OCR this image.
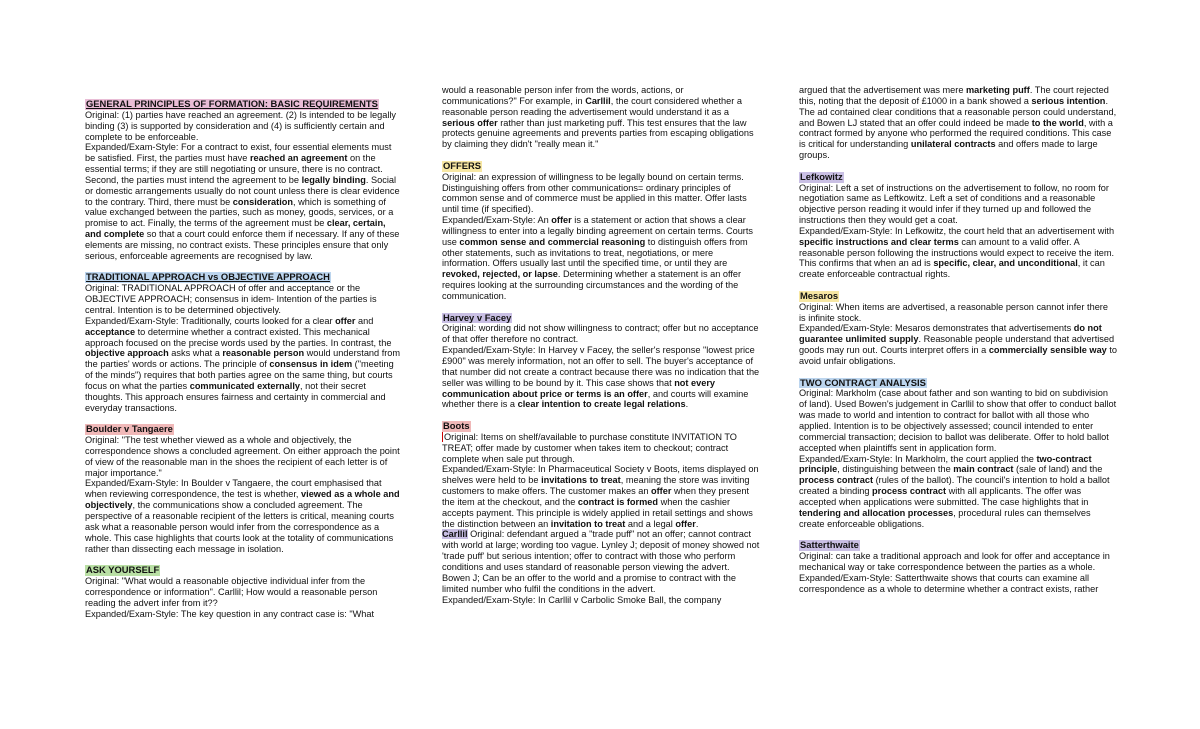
GENERAL PRINCIPLES OF FORMATION: BASIC REQUIREMENTS
Original: (1) parties have reached an agreement. (2) Is intended to be legally binding (3) is supported by consideration and (4) is sufficiently certain and complete to be enforceable.
Expanded/Exam-Style: For a contract to exist, four essential elements must be satisfied. First, the parties must have reached an agreement on the essential terms; if they are still negotiating or unsure, there is no contract. Second, the parties must intend the agreement to be legally binding. Social or domestic arrangements usually do not count unless there is clear evidence to the contrary. Third, there must be consideration, which is something of value exchanged between the parties, such as money, goods, services, or a promise to act. Finally, the terms of the agreement must be clear, certain, and complete so that a court could enforce them if necessary. If any of these elements are missing, no contract exists. These principles ensure that only serious, enforceable agreements are recognised by law.
TRADITIONAL APPROACH vs OBJECTIVE APPROACH
Original: TRADITIONAL APPROACH of offer and acceptance or the OBJECTIVE APPROACH; consensus in idem- Intention of the parties is central. Intention is to be determined objectively.
Expanded/Exam-Style: Traditionally, courts looked for a clear offer and acceptance to determine whether a contract existed. This mechanical approach focused on the precise words used by the parties. In contrast, the objective approach asks what a reasonable person would understand from the parties' words or actions. The principle of consensus in idem ("meeting of the minds") requires that both parties agree on the same thing, but courts focus on what the parties communicated externally, not their secret thoughts. This approach ensures fairness and certainty in commercial and everyday transactions.
Boulder v Tangaere
Original: "The test whether viewed as a whole and objectively, the correspondence shows a concluded agreement. On either approach the point of view of the reasonable man in the shoes the recipient of each letter is of major importance."
Expanded/Exam-Style: In Boulder v Tangaere, the court emphasised that when reviewing correspondence, the test is whether, viewed as a whole and objectively, the communications show a concluded agreement. The perspective of a reasonable recipient of the letters is critical, meaning courts ask what a reasonable person would infer from the correspondence as a whole. This case highlights that courts look at the totality of communications rather than dissecting each message in isolation.
ASK YOURSELF
Original: "What would a reasonable objective individual infer from the correspondence or information". Carllil; How would a reasonable person reading the advert infer from it??
Expanded/Exam-Style: The key question in any contract case is: "What
would a reasonable person infer from the words, actions, or communications?" For example, in Carllil, the court considered whether a reasonable person reading the advertisement would understand it as a serious offer rather than just marketing puff. This test ensures that the law protects genuine agreements and prevents parties from escaping obligations by claiming they didn't "really mean it."
OFFERS
Original: an expression of willingness to be legally bound on certain terms. Distinguishing offers from other communications= ordinary principles of common sense and of commerce must be applied in this matter. Offer lasts until time (if specified).
Expanded/Exam-Style: An offer is a statement or action that shows a clear willingness to enter into a legally binding agreement on certain terms. Courts use common sense and commercial reasoning to distinguish offers from other statements, such as invitations to treat, negotiations, or mere information. Offers usually last until the specified time, or until they are revoked, rejected, or lapse. Determining whether a statement is an offer requires looking at the surrounding circumstances and the wording of the communication.
Harvey v Facey
Original: wording did not show willingness to contract; offer but no acceptance of that offer therefore no contract.
Expanded/Exam-Style: In Harvey v Facey, the seller's response "lowest price £900" was merely information, not an offer to sell. The buyer's acceptance of that number did not create a contract because there was no indication that the seller was willing to be bound by it. This case shows that not every communication about price or terms is an offer, and courts will examine whether there is a clear intention to create legal relations.
Boots
Original: Items on shelf/available to purchase constitute INVITATION TO TREAT; offer made by customer when takes item to checkout; contract complete when sale put through.
Expanded/Exam-Style: In Pharmaceutical Society v Boots, items displayed on shelves were held to be invitations to treat, meaning the store was inviting customers to make offers. The customer makes an offer when they present the item at the checkout, and the contract is formed when the cashier accepts payment. This principle is widely applied in retail settings and shows the distinction between an invitation to treat and a legal offer.
Carllil Original: defendant argued a "trade puff" not an offer; cannot contract with world at large; wording too vague. Lynley J; deposit of money showed not 'trade puff' but serious intention; offer to contract with those who perform conditions and uses standard of reasonable person viewing the advert. Bowen J; Can be an offer to the world and a promise to contract with the limited number who fulfil the conditions in the advert.
Expanded/Exam-Style: In Carllil v Carbolic Smoke Ball, the company
argued that the advertisement was mere marketing puff. The court rejected this, noting that the deposit of £1000 in a bank showed a serious intention. The ad contained clear conditions that a reasonable person could understand, and Bowen LJ stated that an offer could indeed be made to the world, with a contract formed by anyone who performed the required conditions. This case is critical for understanding unilateral contracts and offers made to large groups.
Lefkowitz
Original: Left a set of instructions on the advertisement to follow, no room for negotiation same as Leftkowitz. Left a set of conditions and a reasonable objective person reading it would infer if they turned up and followed the instructions then they would get a coat.
Expanded/Exam-Style: In Lefkowitz, the court held that an advertisement with specific instructions and clear terms can amount to a valid offer. A reasonable person following the instructions would expect to receive the item. This confirms that when an ad is specific, clear, and unconditional, it can create enforceable contractual rights.
Mesaros
Original: When items are advertised, a reasonable person cannot infer there is infinite stock.
Expanded/Exam-Style: Mesaros demonstrates that advertisements do not guarantee unlimited supply. Reasonable people understand that advertised goods may run out. Courts interpret offers in a commercially sensible way to avoid unfair obligations.
TWO CONTRACT ANALYSIS
Original: Markholm (case about father and son wanting to bid on subdivision of land). Used Bowen's judgement in Carllil to show that offer to conduct ballot was made to world and intention to contract for ballot with all those who applied. Intention is to be objectively assessed; council intended to enter commercial transaction; decision to ballot was deliberate. Offer to hold ballot accepted when plaintiffs sent in application form.
Expanded/Exam-Style: In Markholm, the court applied the two-contract principle, distinguishing between the main contract (sale of land) and the process contract (rules of the ballot). The council's intention to hold a ballot created a binding process contract with all applicants. The offer was accepted when applications were submitted. The case highlights that in tendering and allocation processes, procedural rules can themselves create enforceable obligations.
Satterthwaite
Original: can take a traditional approach and look for offer and acceptance in mechanical way or take correspondence between the parties as a whole.
Expanded/Exam-Style: Satterthwaite shows that courts can examine all correspondence as a whole to determine whether a contract exists, rather
